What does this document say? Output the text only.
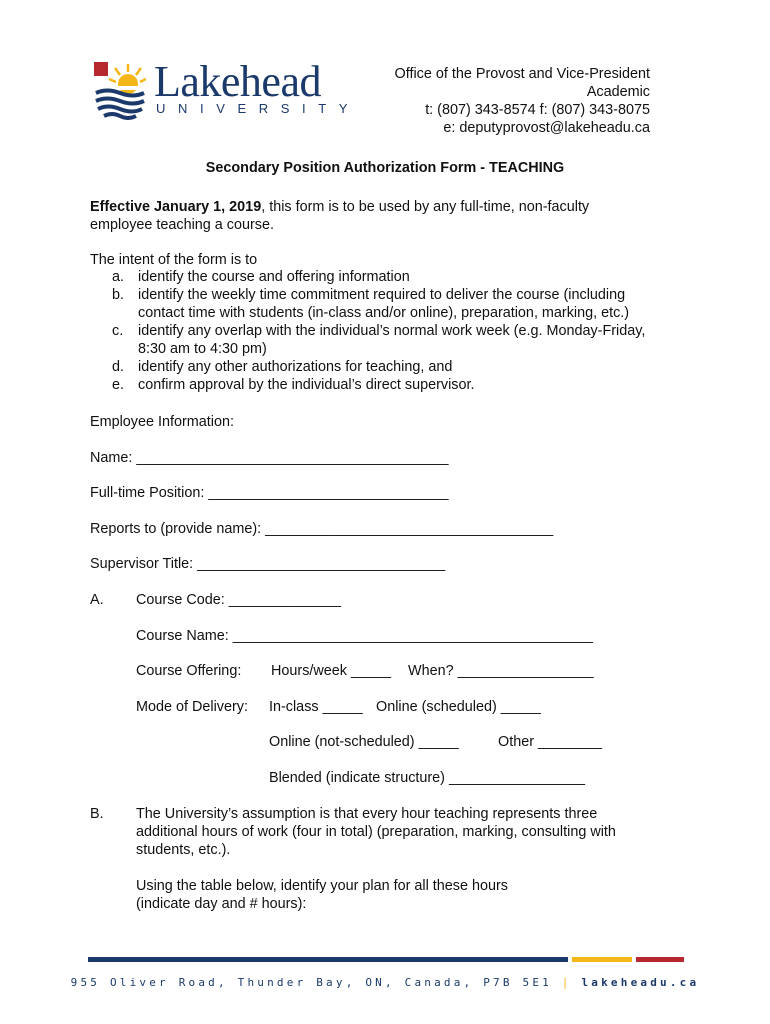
Lakehead
UNIVERSITY
Office of the Provost and Vice-President
Academic
t: (807) 343-8574 f: (807) 343-8075
e: deputyprovost@lakeheadu.ca
Secondary Position Authorization Form - TEACHING
Effective January 1, 2019, this form is to be used by any full-time, non-faculty
employee teaching a course.
The intent of the form is to
a. identify the course and offering information
b. identify the weekly time commitment required to deliver the course (including
contact time with students (in-class and/or online), preparation, marking, etc.)
c. identify any overlap with the individual’s normal work week (e.g. Monday-Friday,
8:30 am to 4:30 pm)
d. identify any other authorizations for teaching, and
e. confirm approval by the individual’s direct supervisor.
Employee Information:
Name: _______________________________________
Full-time Position: ______________________________
Reports to (provide name): ____________________________________
Supervisor Title: _______________________________
A. Course Code: ______________
Course Name: _____________________________________________
Course Offering: Hours/week _____ When? _________________
Mode of Delivery: In-class _____ Online (scheduled) _____
Online (not-scheduled) _____	Other ________
Blended (indicate structure) _________________
B. The University’s assumption is that every hour teaching represents three
additional hours of work (four in total) (preparation, marking, consulting with
students, etc.).
Using the table below, identify your plan for all these hours
(indicate day and # hours):
955 Oliver Road, Thunder Bay, ON, Canada, P7B 5E1 | lakeheadu.ca
